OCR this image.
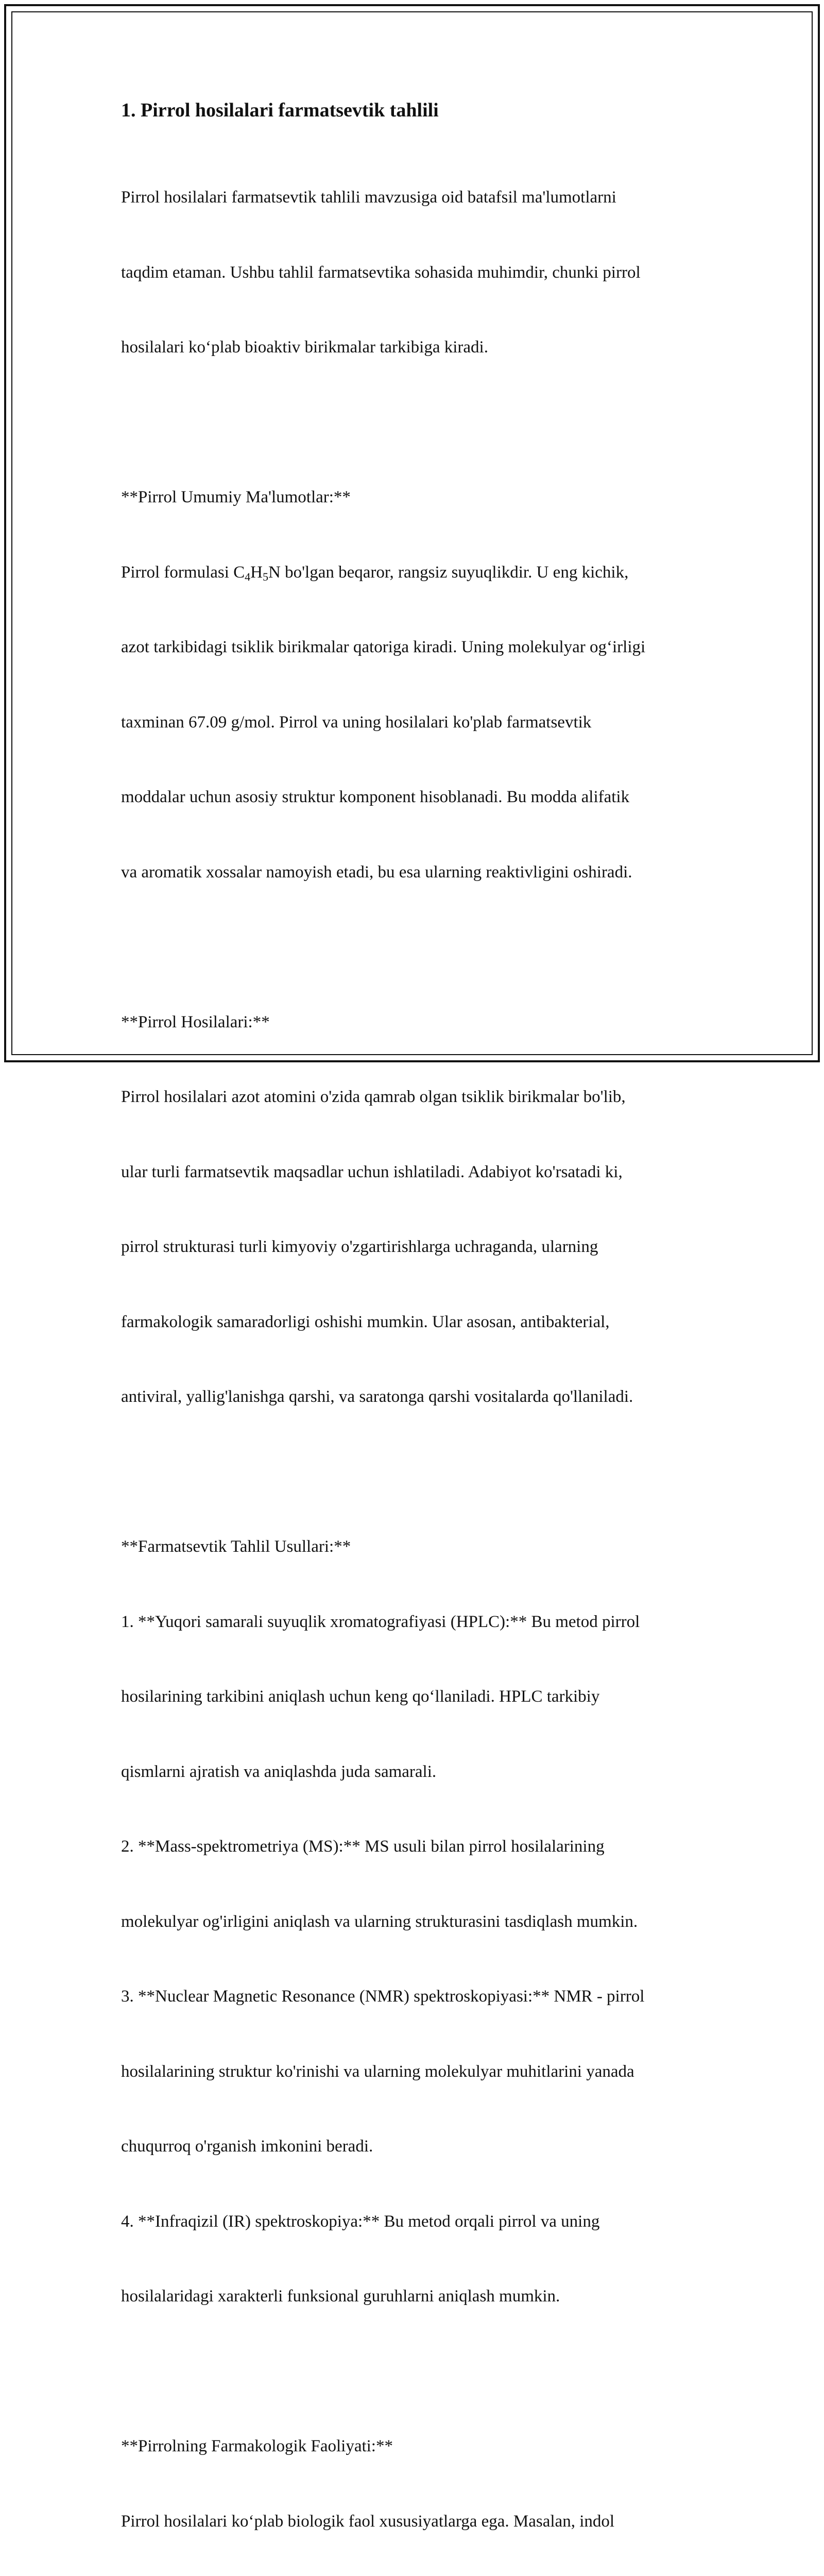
1. Pirrol hosilalari farmatsevtik tahlili

Pirrol hosilalari farmatsevtik tahlili mavzusiga oid batafsil ma'lumotlarni

taqdim etaman. Ushbu tahlil farmatsevtika sohasida muhimdir, chunki pirrol

hosilalari ko‘plab bioaktiv birikmalar tarkibiga kiradi.

**Pirrol Umumiy Ma'lumotlar:**

Pirrol formulasi $C_4H_5N$ bo'lgan beqaror, rangsiz suyuqlikdir. U eng kichik,

azot tarkibidagi tsiklik birikmalar qatoriga kiradi. Uning molekulyar og‘irligi

taxminan 67.09 g/mol. Pirrol va uning hosilalari ko'plab farmatsevtik

moddalar uchun asosiy struktur komponent hisoblanadi. Bu modda alifatik

va aromatik xossalar namoyish etadi, bu esa ularning reaktivligini oshiradi.

**Pirrol Hosilalari:**

Pirrol hosilalari azot atomini o'zida qamrab olgan tsiklik birikmalar bo'lib,

ular turli farmatsevtik maqsadlar uchun ishlatiladi. Adabiyot ko'rsatadi ki,

pirrol strukturasi turli kimyoviy o'zgartirishlarga uchraganda, ularning

farmakologik samaradorligi oshishi mumkin. Ular asosan, antibakterial,

antiviral, yallig'lanishga qarshi, va saratonga qarshi vositalarda qo'llaniladi.

**Farmatsevtik Tahlil Usullari:**

1. **Yuqori samarali suyuqlik xromatografiyasi (HPLC):** Bu metod pirrol

hosilarining tarkibini aniqlash uchun keng qo‘llaniladi. HPLC tarkibiy

qismlarni ajratish va aniqlashda juda samarali.

2. **Mass-spektrometriya (MS):** MS usuli bilan pirrol hosilalarining

molekulyar og'irligini aniqlash va ularning strukturasini tasdiqlash mumkin.

3. **Nuclear Magnetic Resonance (NMR) spektroskopiyasi:** NMR - pirrol

hosilalarining struktur ko'rinishi va ularning molekulyar muhitlarini yanada

chuqurroq o'rganish imkonini beradi.

4. **Infraqizil (IR) spektroskopiya:** Bu metod orqali pirrol va uning

hosilalaridagi xarakterli funksional guruhlarni aniqlash mumkin.

**Pirrolning Farmakologik Faoliyati:**

Pirrol hosilalari ko‘plab biologik faol xususiyatlarga ega. Masalan, indol
